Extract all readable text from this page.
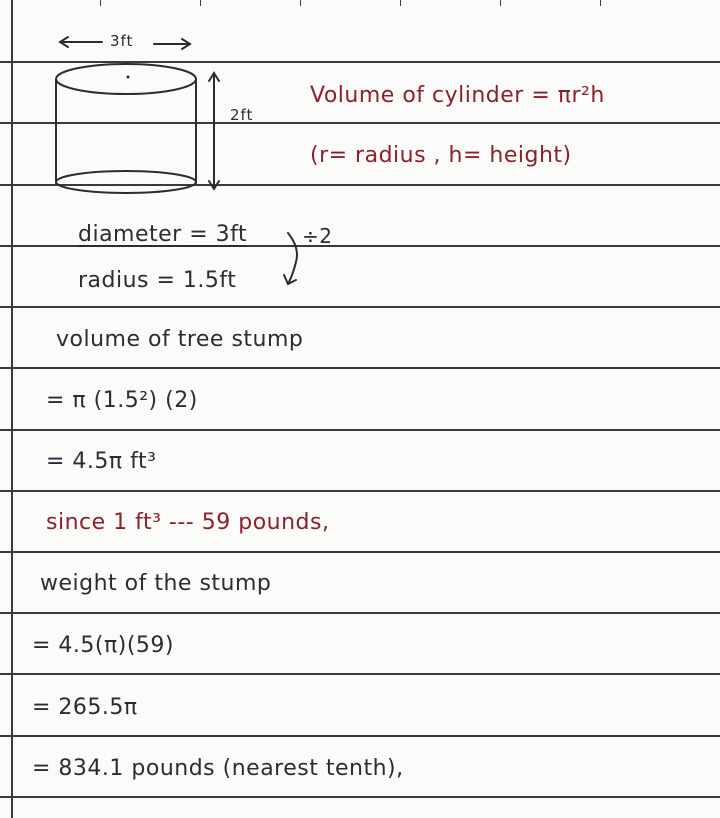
3ft
2ft
Volume of cylinder = πr²h
(r= radius , h= height)
diameter = 3ft	÷2
radius = 1.5ft
volume of tree stump
= π (1.5²) (2)
= 4.5π ft³
since 1 ft³ --- 59 pounds,
weight of the stump
= 4.5(π)(59)
= 265.5π
= 834.1 pounds (nearest tenth),
